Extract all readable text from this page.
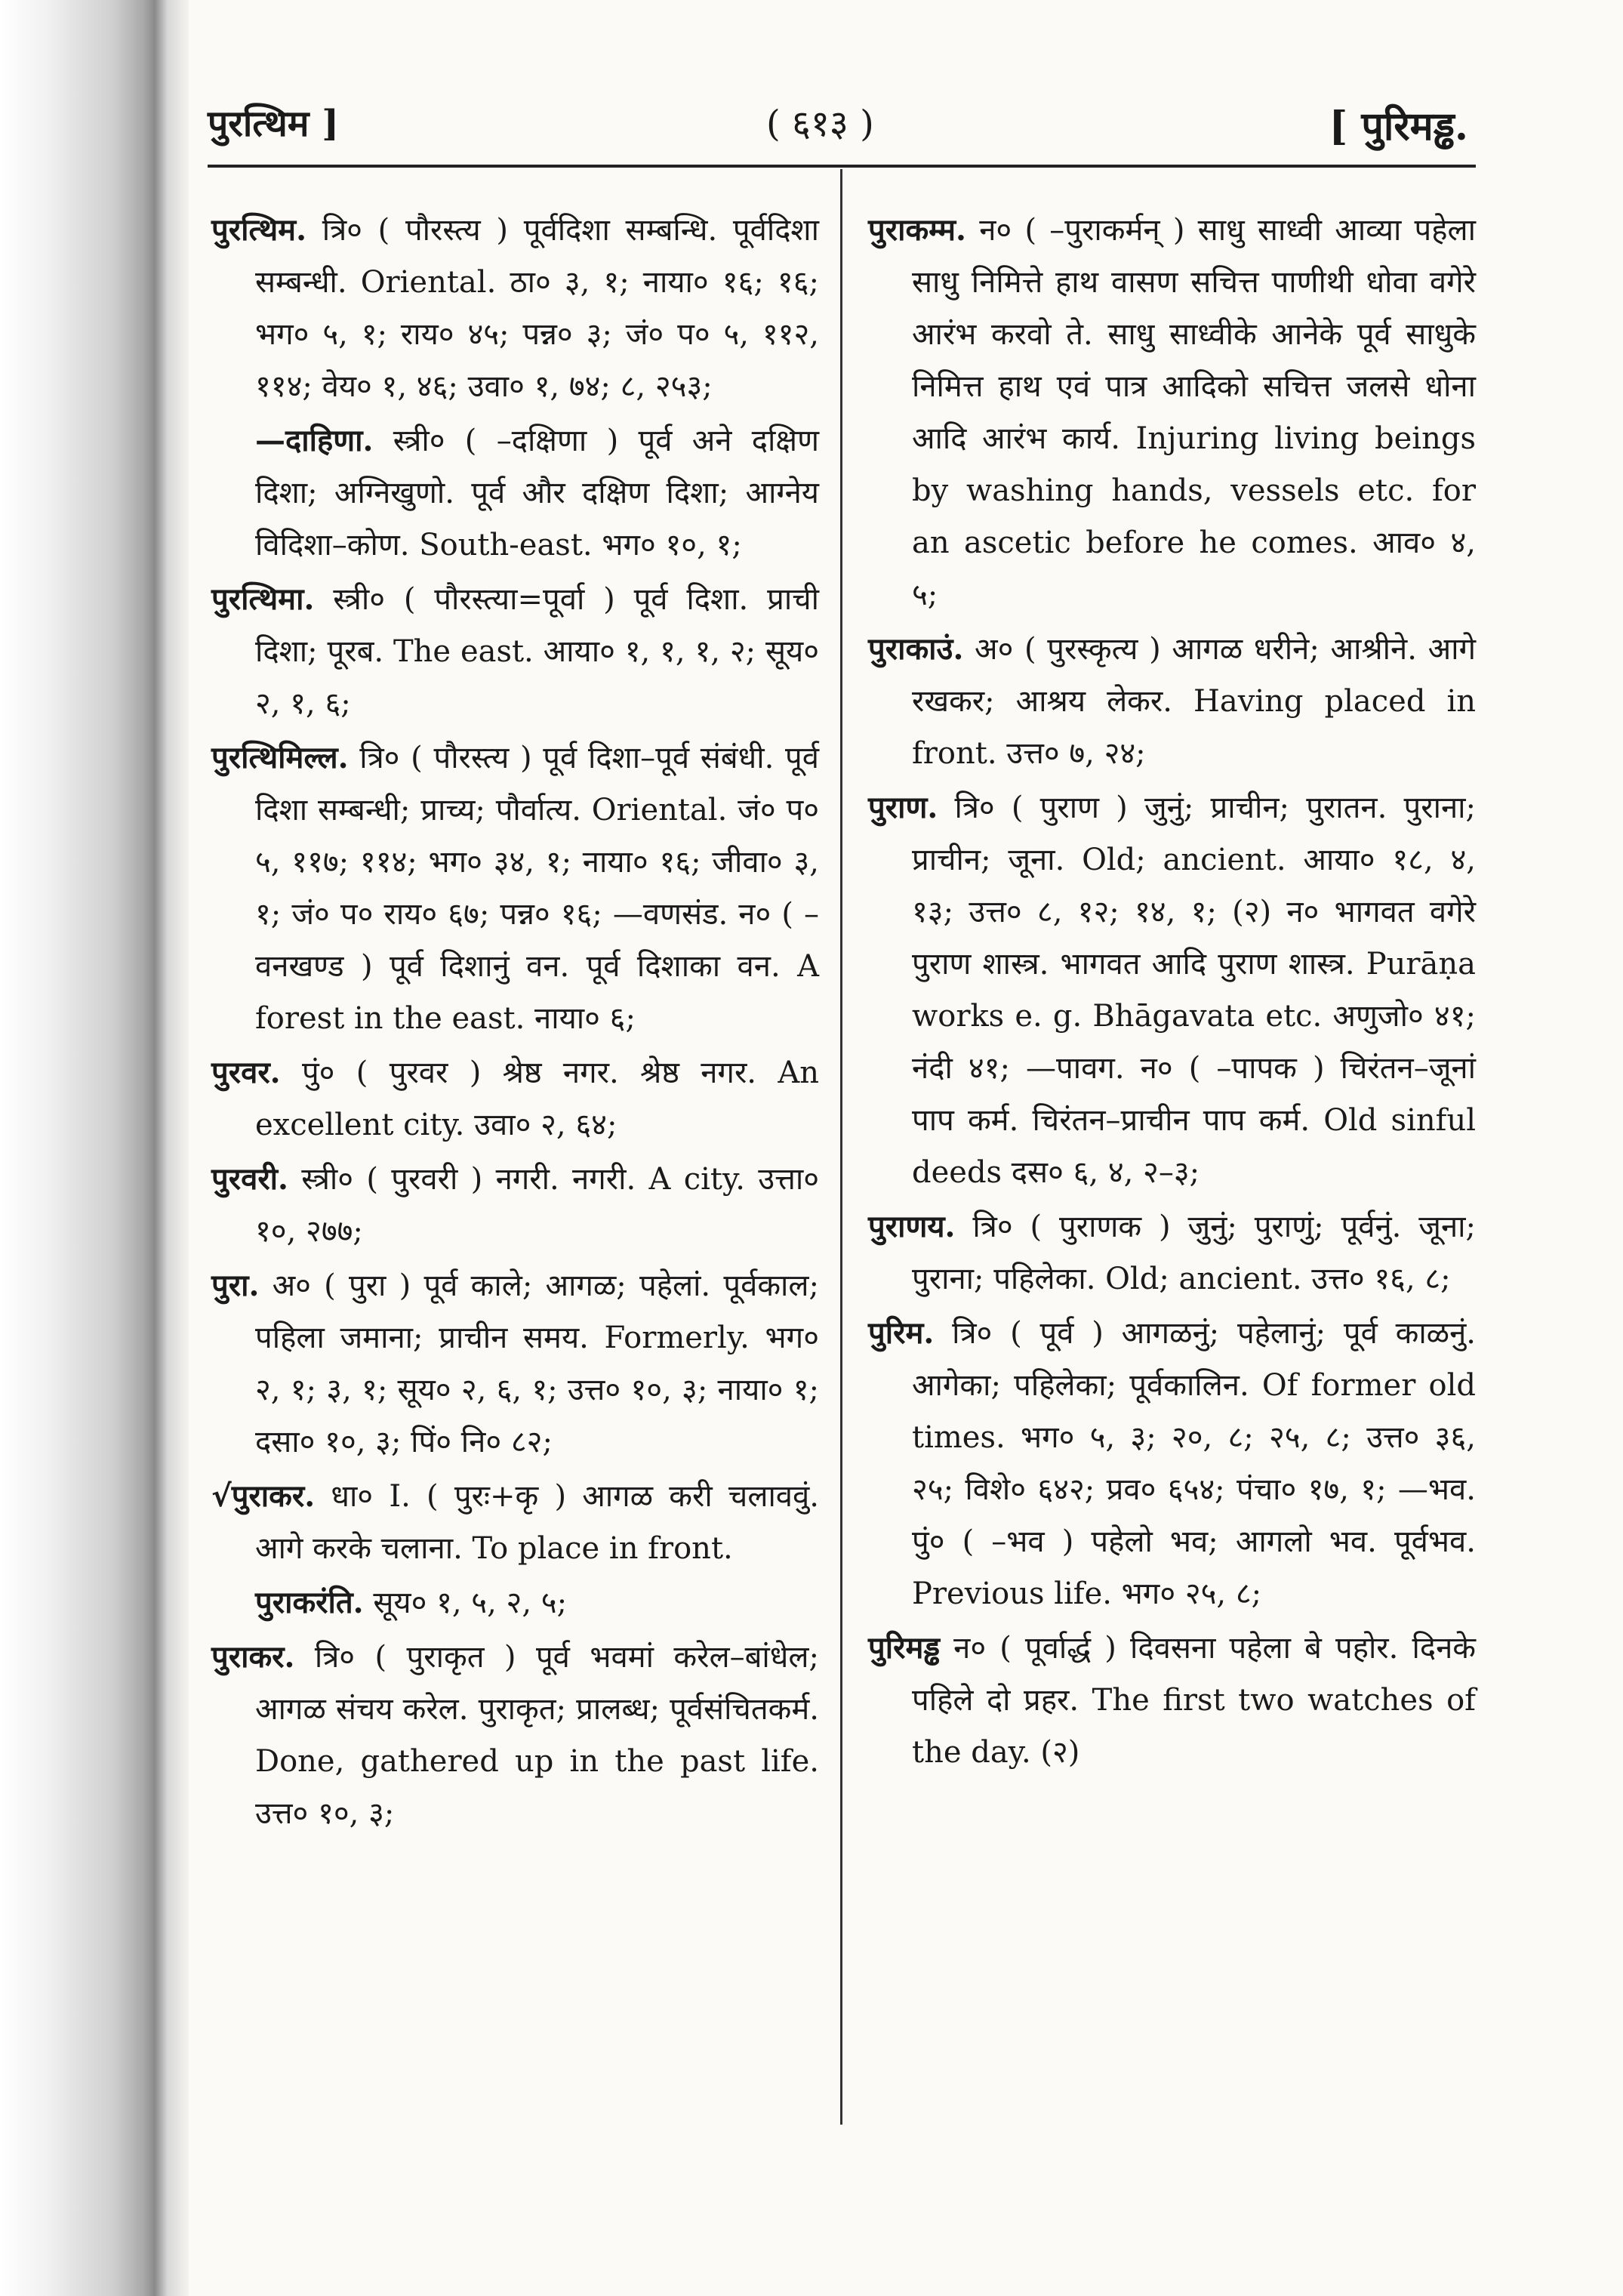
पुरत्थिम ]	( ६१३ )	[ पुरिमड्ढ.

पुरत्थिम. त्रि० ( पौरस्त्य ) पूर्वदिशा सम्बन्धि. पूर्वदिशा सम्बन्धी. Oriental. ठा० ३, १; नाया० १६; १६; भग० ५, १; राय० ४५; पन्न० ३; जं० प० ५, ११२, ११४; वेय० १, ४६; उवा० १, ७४; ८, २५३;

—दाहिणा. स्त्री० ( –दक्षिणा ) पूर्व अने दक्षिण दिशा; अग्निखुणो. पूर्व और दक्षिण दिशा; आग्नेय विदिशा–कोण. South-east. भग० १०, १;

पुरत्थिमा. स्त्री० ( पौरस्त्या=पूर्वा ) पूर्व दिशा. प्राची दिशा; पूरब. The east. आया० १, १, १, २; सूय० २, १, ६;

पुरत्थिमिल्ल. त्रि० ( पौरस्त्य ) पूर्व दिशा–पूर्व संबंधी. पूर्व दिशा सम्बन्धी; प्राच्य; पौर्वात्य. Oriental. जं० प० ५, ११७; ११४; भग० ३४, १; नाया० १६; जीवा० ३, १; जं० प० राय० ६७; पन्न० १६; —वणसंड. न० ( –वनखण्ड ) पूर्व दिशानुं वन. पूर्व दिशाका वन. A forest in the east. नाया० ६;

पुरवर. पुं० ( पुरवर ) श्रेष्ठ नगर. श्रेष्ठ नगर. An excellent city. उवा० २, ६४;

पुरवरी. स्त्री० ( पुरवरी ) नगरी. नगरी. A city. उत्ता० १०, २७७;

पुरा. अ० ( पुरा ) पूर्व काले; आगळ; पहेलां. पूर्वकाल; पहिला जमाना; प्राचीन समय. Formerly. भग० २, १; ३, १; सूय० २, ६, १; उत्त० १०, ३; नाया० १; दसा० १०, ३; पिं० नि० ८२;

√पुराकर. धा० I. ( पुरः+कृ ) आगळ करी चलाववुं. आगे करके चलाना. To place in front.

पुराकरंति. सूय० १, ५, २, ५;

पुराकर. त्रि० ( पुराकृत ) पूर्व भवमां करेल–बांधेल; आगळ संचय करेल. पुराकृत; प्रालब्ध; पूर्वसंचितकर्म. Done, gathered up in the past life. उत्त० १०, ३;

पुराकम्म. न० ( –पुराकर्मन् ) साधु साध्वी आव्या पहेला साधु निमित्ते हाथ वासण सचित्त पाणीथी धोवा वगेरे आरंभ करवो ते. साधु साध्वीके आनेके पूर्व साधुके निमित्त हाथ एवं पात्र आदिको सचित्त जलसे धोना आदि आरंभ कार्य. Injuring living beings by washing hands, vessels etc. for an ascetic before he comes. आव० ४, ५;

पुराकाउं. अ० ( पुरस्कृत्य ) आगळ धरीने; आश्रीने. आगे रखकर; आश्रय लेकर. Having placed in front. उत्त० ७, २४;

पुराण. त्रि० ( पुराण ) जुनुं; प्राचीन; पुरातन. पुराना; प्राचीन; जूना. Old; ancient. आया० १८, ४, १३; उत्त० ८, १२; १४, १; (२) न० भागवत वगेरे पुराण शास्त्र. भागवत आदि पुराण शास्त्र. Purāṇa works e. g. Bhāgavata etc. अणुजो० ४१; नंदी ४१; —पावग. न० ( –पापक ) चिरंतन–जूनां पाप कर्म. चिरंतन–प्राचीन पाप कर्म. Old sinful deeds दस० ६, ४, २–३;

पुराणय. त्रि० ( पुराणक ) जुनुं; पुराणुं; पूर्वनुं. जूना; पुराना; पहिलेका. Old; ancient. उत्त० १६, ८;

पुरिम. त्रि० ( पूर्व ) आगळनुं; पहेलानुं; पूर्व काळनुं. आगेका; पहिलेका; पूर्वकालिन. Of former old times. भग० ५, ३; २०, ८; २५, ८; उत्त० ३६, २५; विशे० ६४२; प्रव० ६५४; पंचा० १७, १; —भव. पुं० ( –भव ) पहेलो भव; आगलो भव. पूर्वभव. Previous life. भग० २५, ८;

पुरिमड्ढ न० ( पूर्वार्द्ध ) दिवसना पहेला बे पहोर. दिनके पहिले दो प्रहर. The first two watches of the day. (२)
